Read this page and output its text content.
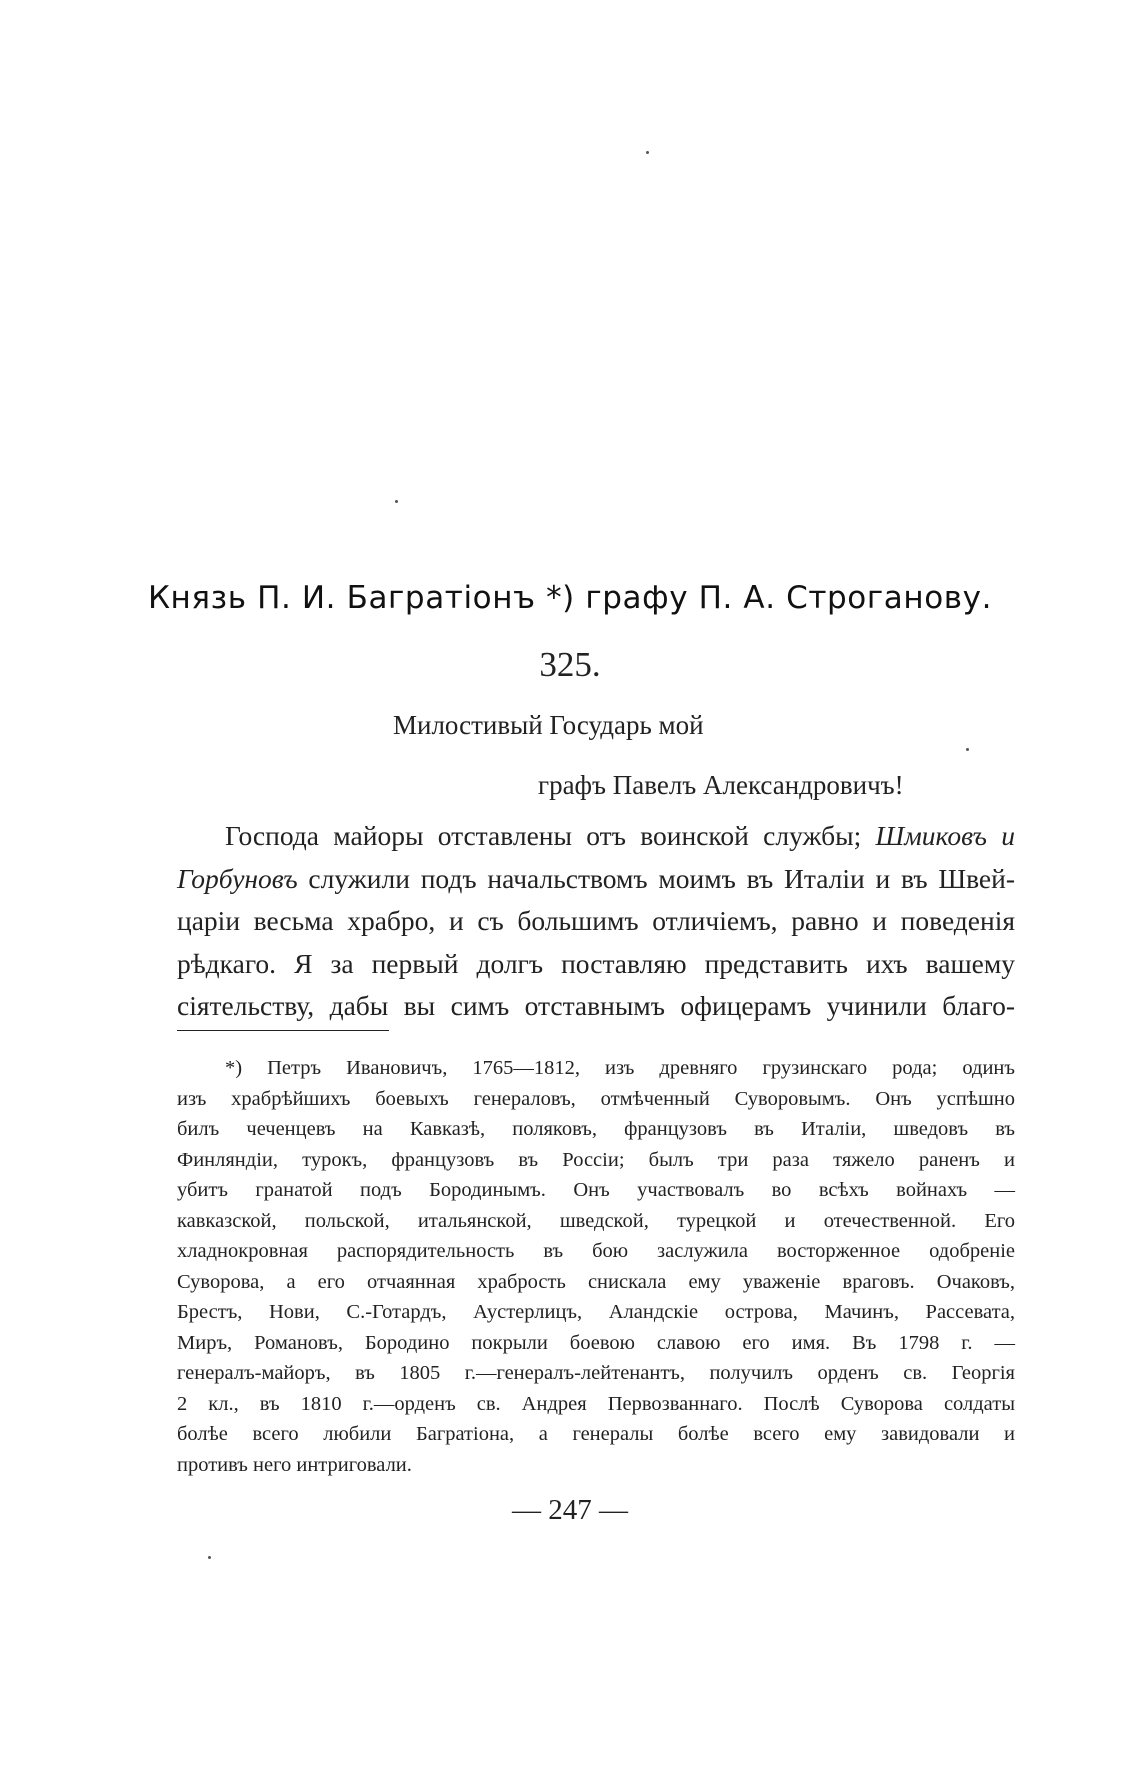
Князь П. И. Багратіонъ *) графу П. А. Строганову.
325.
Милостивый Государь мой
графъ Павелъ Александровичъ!
Господа майоры отставлены отъ воинской службы; Шмиковъ и
Горбуновъ служили подъ начальствомъ моимъ въ Италіи и въ Швей-
царіи весьма храбро, и съ большимъ отличіемъ, равно и поведенія
рѣдкаго. Я за первый долгъ поставляю представить ихъ вашему
сіятельству, дабы вы симъ отставнымъ офицерамъ учинили благо-
*) Петръ Ивановичъ, 1765—1812, изъ древняго грузинскаго рода; одинъ
изъ храбрѣйшихъ боевыхъ генераловъ, отмѣченный Суворовымъ. Онъ успѣшно
билъ чеченцевъ на Кавказѣ, поляковъ, французовъ въ Италіи, шведовъ въ
Финляндіи, турокъ, французовъ въ Россіи; былъ три раза тяжело раненъ и
убитъ гранатой подъ Бородинымъ. Онъ участвовалъ во всѣхъ войнахъ —
кавказской, польской, итальянской, шведской, турецкой и отечественной. Его
хладнокровная распорядительность въ бою заслужила восторженное одобреніе
Суворова, а его отчаянная храбрость снискала ему уваженіе враговъ. Очаковъ,
Брестъ, Нови, С.-Готардъ, Аустерлицъ, Аландскіе острова, Мачинъ, Рассевата,
Миръ, Романовъ, Бородино покрыли боевою славою его имя. Въ 1798 г. —
генералъ-майоръ, въ 1805 г.—генералъ-лейтенантъ, получилъ орденъ св. Георгія
2 кл., въ 1810 г.—орденъ св. Андрея Первозваннаго. Послѣ Суворова солдаты
болѣе всего любили Багратіона, а генералы болѣе всего ему завидовали и
противъ него интриговали.
— 247 —
